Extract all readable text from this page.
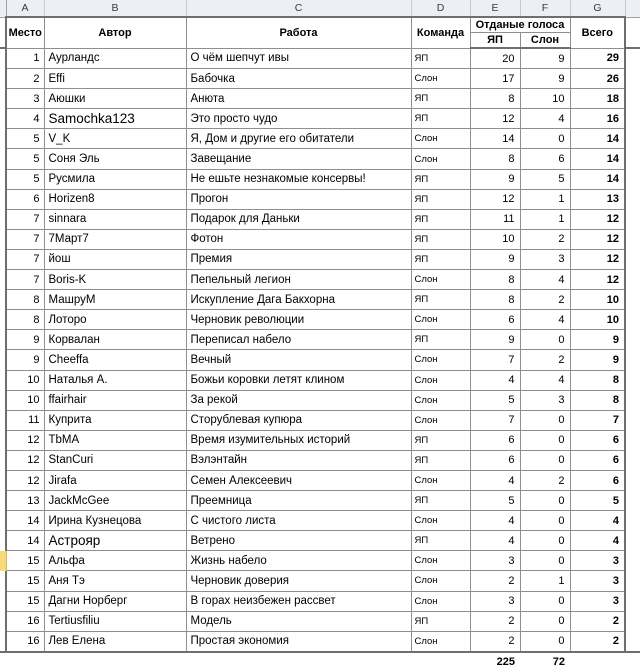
	A	B	C	D	E	F	G	
	Место	Автор	Работа	Команда	Отданые голоса		Всего	
					ЯП	Слон		
	1	Аурландс	О чём шепчут ивы	ЯП	20	9	29	
	2	Effi	Бабочка	Слон	17	9	26	
	3	Аюшки	Анюта	ЯП	8	10	18	
	4	Samochka123	Это просто чудо	ЯП	12	4	16	
	5	V_K	Я, Дом и другие его обитатели	Слон	14	0	14	
	5	Соня Эль	Завещание	Слон	8	6	14	
	5	Русмила	Не ешьте незнакомые консервы!	ЯП	9	5	14	
	6	Horizen8	Прогон	ЯП	12	1	13	
	7	sinnara	Подарок для Даньки	ЯП	11	1	12	
	7	7Март7	Фотон	ЯП	10	2	12	
	7	йош	Премия	ЯП	9	3	12	
	7	Boris-K	Пепельный легион	Слон	8	4	12	
	8	МашруМ	Искупление Дага Бакхорна	ЯП	8	2	10	
	8	Лоторо	Черновик революции	Слон	6	4	10	
	9	Корвалан	Переписал набело	ЯП	9	0	9	
	9	Cheeffa	Вечный	Слон	7	2	9	
	10	Наталья А.	Божьи коровки летят клином	Слон	4	4	8	
	10	ffairhair	За рекой	Слон	5	3	8	
	11	Куприта	Сторублевая купюра	Слон	7	0	7	
	12	TbMA	Время изумительных историй	ЯП	6	0	6	
	12	StanCuri	Вэлэнтайн	ЯП	6	0	6	
	12	Jirafa	Семен Алексеевич	Слон	4	2	6	
	13	JackMcGee	Преемница	ЯП	5	0	5	
	14	Ирина Кузнецова	С чистого листа	Слон	4	0	4	
	14	Астрояр	Ветрено	ЯП	4	0	4	
	15	Альфа	Жизнь набело	Слон	3	0	3	
	15	Аня Тэ	Черновик доверия	Слон	2	1	3	
	15	Дагни Норберг	В горах неизбежен рассвет	Слон	3	0	3	
	16	Tertiusfiliu	Модель	ЯП	2	0	2	
	16	Лев Елена	Простая экономия	Слон	2	0	2	
					225	72		
